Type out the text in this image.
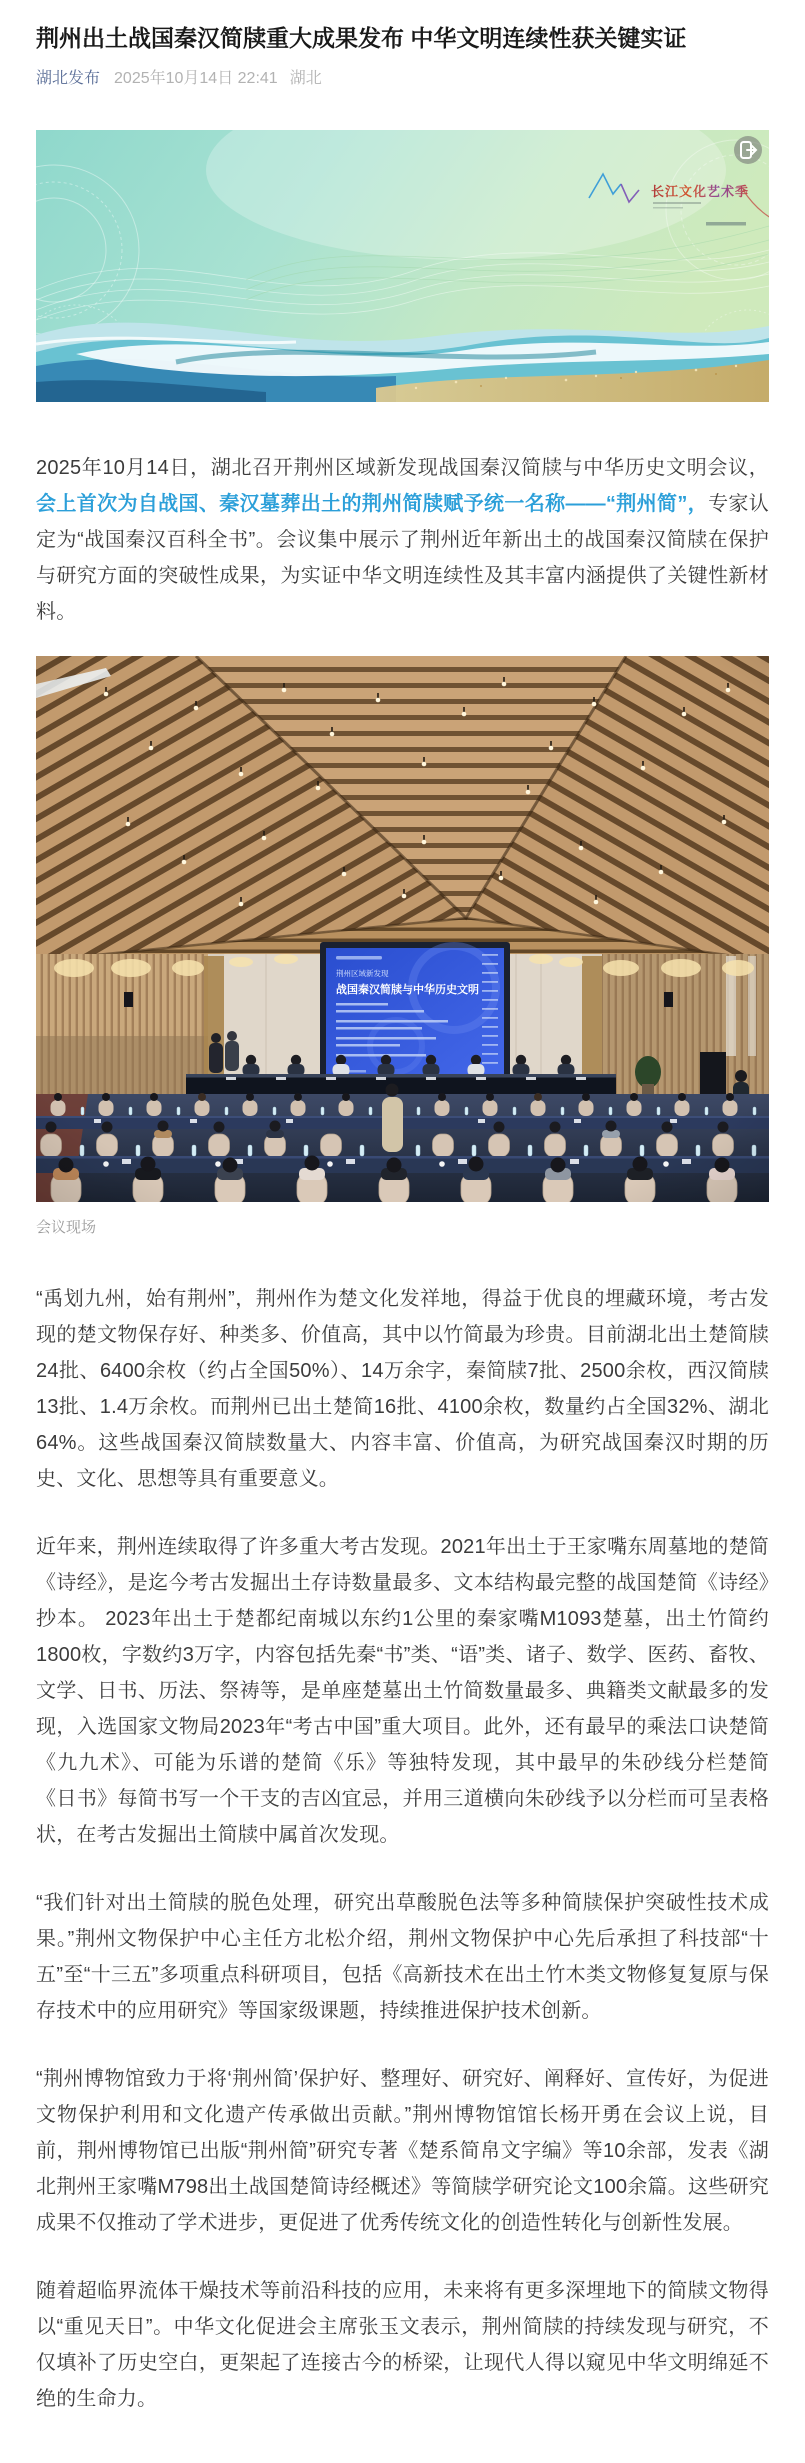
荆州出土战国秦汉简牍重大成果发布 中华文明连续性获关键实证
湖北发布 2025年10月14日 22:41 湖北
长江文化艺术季

2025年10月14日，湖北召开荆州区域新发现战国秦汉简牍与中华历史文明会议，会上首次为自战国、秦汉墓葬出土的荆州简牍赋予统一名称——“荆州简”，专家认定为“战国秦汉百科全书”。会议集中展示了荆州近年新出土的战国秦汉简牍在保护与研究方面的突破性成果，为实证中华文明连续性及其丰富内涵提供了关键性新材料。

会议现场

“禹划九州，始有荆州”，荆州作为楚文化发祥地，得益于优良的埋藏环境，考古发现的楚文物保存好、种类多、价值高，其中以竹简最为珍贵。目前湖北出土楚简牍24批、6400余枚（约占全国50%）、14万余字，秦简牍7批、2500余枚，西汉简牍13批、1.4万余枚。而荆州已出土楚简16批、4100余枚，数量约占全国32%、湖北64%。这些战国秦汉简牍数量大、内容丰富、价值高，为研究战国秦汉时期的历史、文化、思想等具有重要意义。

近年来，荆州连续取得了许多重大考古发现。2021年出土于王家嘴东周墓地的楚简《诗经》，是迄今考古发掘出土存诗数量最多、文本结构最完整的战国楚简《诗经》抄本。 2023年出土于楚都纪南城以东约1公里的秦家嘴M1093楚墓，出土竹简约1800枚，字数约3万字，内容包括先秦“书”类、“语”类、诸子、数学、医药、畜牧、文学、日书、历法、祭祷等，是单座楚墓出土竹简数量最多、典籍类文献最多的发现，入选国家文物局2023年“考古中国”重大项目。此外，还有最早的乘法口诀楚简《九九术》、可能为乐谱的楚简《乐》等独特发现，其中最早的朱砂线分栏楚简《日书》每简书写一个干支的吉凶宜忌，并用三道横向朱砂线予以分栏而可呈表格状，在考古发掘出土简牍中属首次发现。

“我们针对出土简牍的脱色处理，研究出草酸脱色法等多种简牍保护突破性技术成果。”荆州文物保护中心主任方北松介绍，荆州文物保护中心先后承担了科技部“十五”至“十三五”多项重点科研项目，包括《高新技术在出土竹木类文物修复复原与保存技术中的应用研究》等国家级课题，持续推进保护技术创新。

“荆州博物馆致力于将‘荆州简’保护好、整理好、研究好、阐释好、宣传好，为促进文物保护利用和文化遗产传承做出贡献。”荆州博物馆馆长杨开勇在会议上说，目前，荆州博物馆已出版“荆州简”研究专著《楚系简帛文字编》等10余部，发表《湖北荆州王家嘴M798出土战国楚简诗经概述》等简牍学研究论文100余篇。这些研究成果不仅推动了学术进步，更促进了优秀传统文化的创造性转化与创新性发展。

随着超临界流体干燥技术等前沿科技的应用，未来将有更多深埋地下的简牍文物得以“重见天日”。中华文化促进会主席张玉文表示，荆州简牍的持续发现与研究，不仅填补了历史空白，更架起了连接古今的桥梁，让现代人得以窥见中华文明绵延不绝的生命力。
